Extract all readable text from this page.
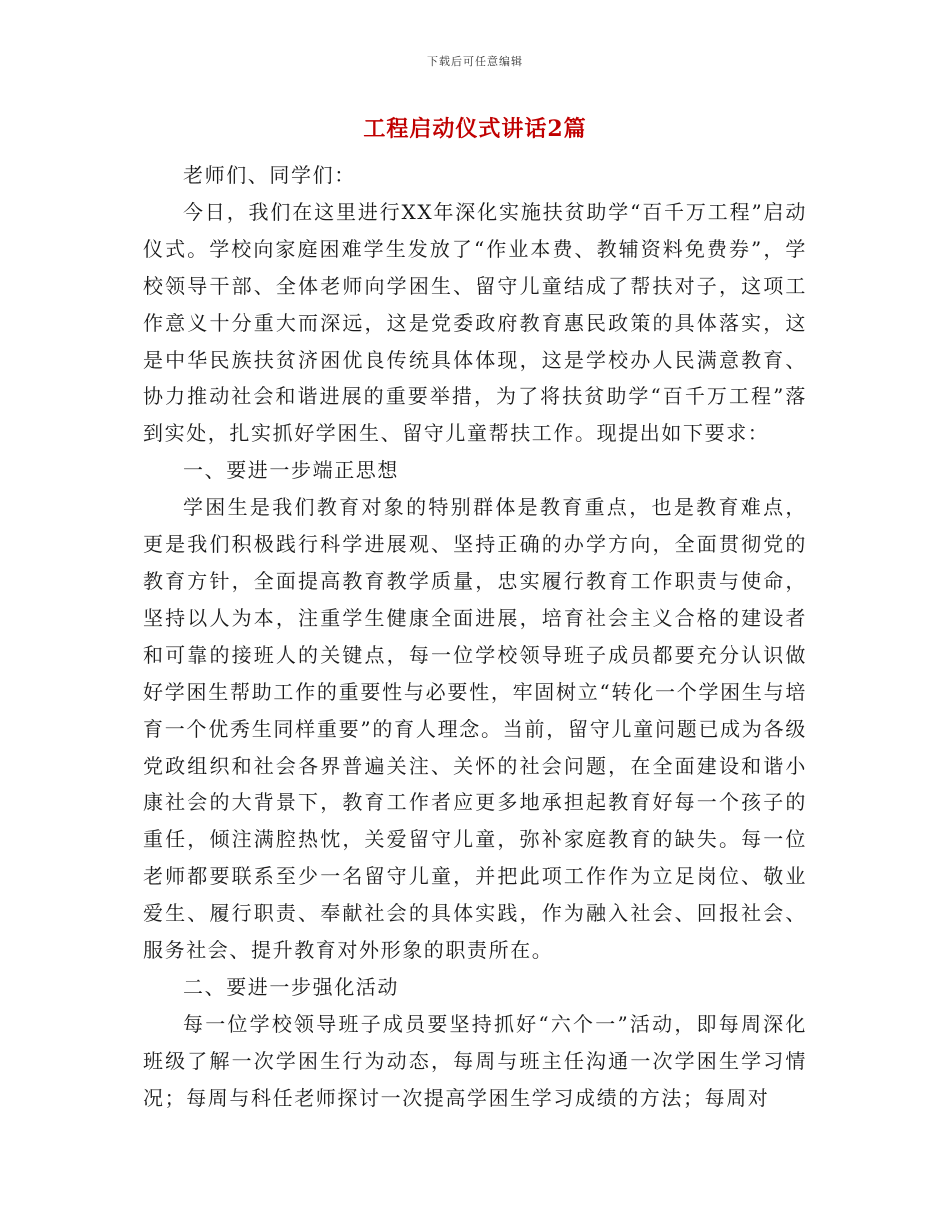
下载后可任意编辑
工程启动仪式讲话2篇

老师们、同学们：

今日，我们在这里进行XX年深化实施扶贫助学“百千万工程”启动仪式。学校向家庭困难学生发放了“作业本费、教辅资料免费券”，学校领导干部、全体老师向学困生、留守儿童结成了帮扶对子，这项工作意义十分重大而深远，这是党委政府教育惠民政策的具体落实，这是中华民族扶贫济困优良传统具体体现，这是学校办人民满意教育、协力推动社会和谐进展的重要举措，为了将扶贫助学“百千万工程”落到实处，扎实抓好学困生、留守儿童帮扶工作。现提出如下要求：

一、要进一步端正思想

学困生是我们教育对象的特别群体是教育重点，也是教育难点，更是我们积极践行科学进展观、坚持正确的办学方向，全面贯彻党的教育方针，全面提高教育教学质量，忠实履行教育工作职责与使命，坚持以人为本，注重学生健康全面进展，培育社会主义合格的建设者和可靠的接班人的关键点，每一位学校领导班子成员都要充分认识做好学困生帮助工作的重要性与必要性，牢固树立“转化一个学困生与培育一个优秀生同样重要”的育人理念。当前，留守儿童问题已成为各级党政组织和社会各界普遍关注、关怀的社会问题，在全面建设和谐小康社会的大背景下，教育工作者应更多地承担起教育好每一个孩子的重任，倾注满腔热忱，关爱留守儿童，弥补家庭教育的缺失。每一位老师都要联系至少一名留守儿童，并把此项工作作为立足岗位、敬业爱生、履行职责、奉献社会的具体实践，作为融入社会、回报社会、服务社会、提升教育对外形象的职责所在。

二、要进一步强化活动

每一位学校领导班子成员要坚持抓好“六个一”活动，即每周深化班级了解一次学困生行为动态，每周与班主任沟通一次学困生学习情况；每周与科任老师探讨一次提高学困生学习成绩的方法；每周对
